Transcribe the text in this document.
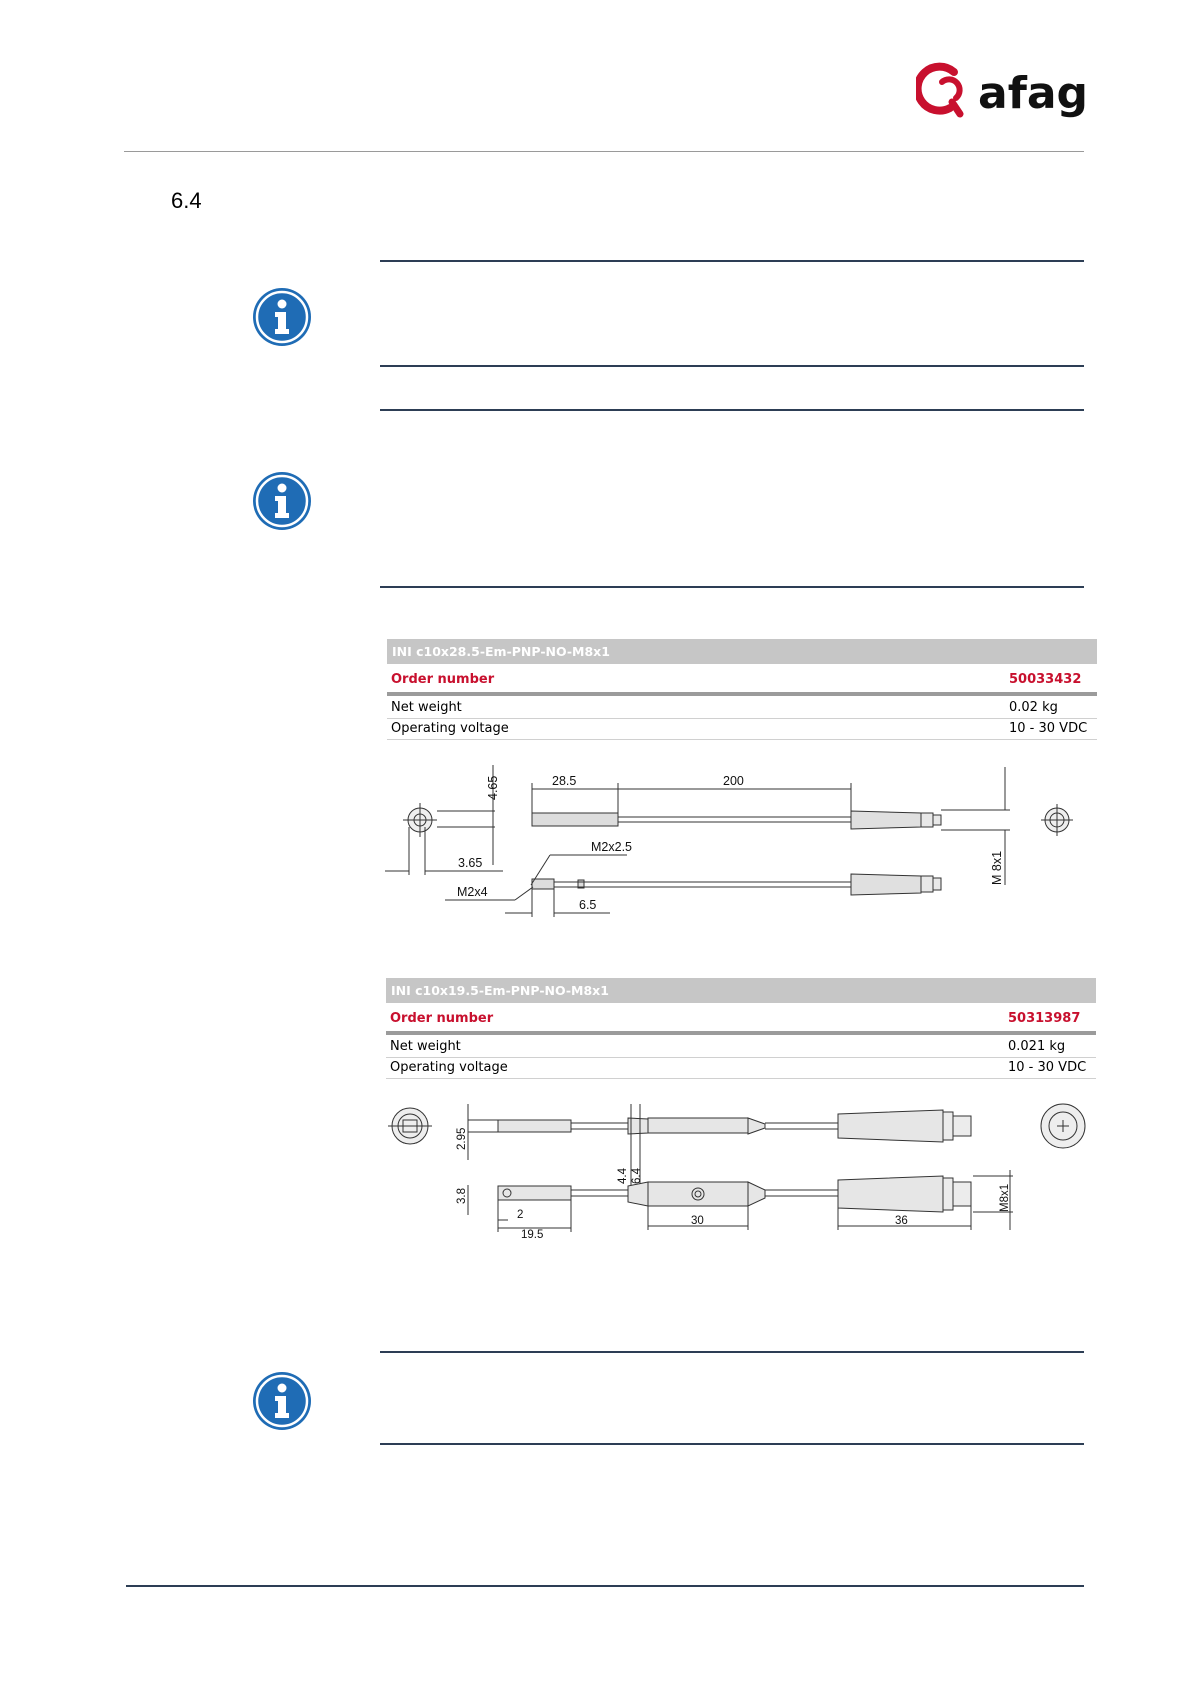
afag
6.4
INI c10x28.5-Em-PNP-NO-M8x1
Order number	50033432
Net weight	0.02 kg
Operating voltage	10 - 30 VDC
28.5	200
4.65
3.65
M2x2.5
M2x4
6.5
M 8x1
INI c10x19.5-Em-PNP-NO-M8x1
Order number	50313987
Net weight	0.021 kg
Operating voltage	10 - 30 VDC
2.95
4.4 6.4
3.8
2
19.5
30	36
M8x1
